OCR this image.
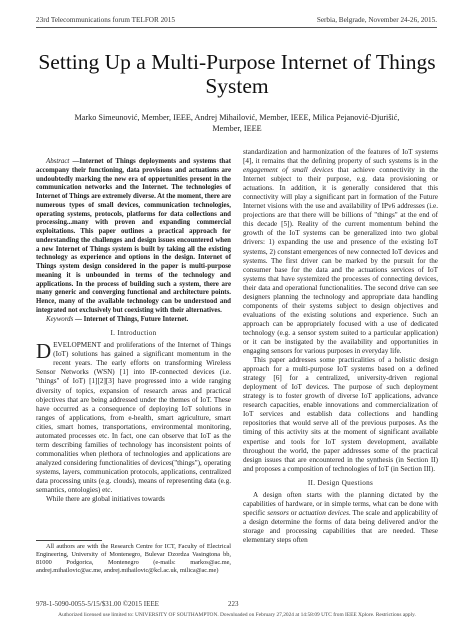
23rd Telecommunications forum TELFOR 2015	Serbia, Belgrade, November 24-26, 2015.
Setting Up a Multi-Purpose Internet of Things
System
Marko Simeunović, Member, IEEE, Andrej Mihailović, Member, IEEE, Milica Pejanović-Djurišić,
Member, IEEE

Abstract —Internet of Things deployments and systems that accompany their functioning, data provisions and actuations are undoubtedly marking the new era of opportunities present in the communication networks and the Internet. The technologies of Internet of Things are extremely diverse. At the moment, there are numerous types of small devices, communication technologies, operating systems, protocols, platforms for data collections and processing...many with proven and expanding commercial exploitations. This paper outlines a practical approach for understanding the challenges and design issues encountered when a new Internet of Things system is built by taking all the existing technology as experience and options in the design. Internet of Things system design considered in the paper is multi-purpose meaning it is unbounded in terms of the technology and applications. In the process of building such a system, there are many generic and converging functional and architecture points. Hence, many of the available technology can be understood and integrated not exclusively but coexisting with their alternatives.

Keywords — Internet of Things, Future Internet.

I. Introduction

DEVELOPMENT and proliferations of the Internet of Things (IoT) solutions has gained a significant momentum in the recent years. The early efforts on transforming Wireless Sensor Networks (WSN) [1] into IP-connected devices (i.e. "things" of IoT) [1][2][3] have progressed into a wide ranging diversity of topics, expansion of research areas and practical objectives that are being addressed under the themes of IoT. These have occurred as a consequence of deploying IoT solutions in ranges of applications, from e-health, smart agriculture, smart cities, smart homes, transportations, environmental monitoring, automated processes etc. In fact, one can observe that IoT as the term describing families of technology has inconsistent points of commonalities when plethora of technologies and applications are analyzed considering functionalities of devices("things"), operating systems, layers, communication protocols, applications, centralized data processing units (e.g. clouds), means of representing data (e.g. semantics, ontologies) etc.

While there are global initiatives towards

All authors are with the Research Centre for ICT, Faculty of Electrical Engineering, University of Montenegro, Bulevar Dzordza Vasingtona bb, 81000 Podgorica, Montenegro (e-mails: markos@ac.me, andrej.mihailovic@ac.me, andrej.mihailovic@kcl.ac.uk, milica@ac.me)

standardization and harmonization of the features of IoT systems [4], it remains that the defining property of such systems is in the engagement of small devices that achieve connectivity in the Internet subject to their purpose, e.g. data provisioning or actuations. In addition, it is generally considered that this connectivity will play a significant part in formation of the Future Internet visions with the use and availability of IPv6 addresses (i.e. projections are that there will be billions of "things" at the end of this decade [5]). Reality of the current momentum behind the growth of the IoT systems can be generalized into two global drivers: 1) expanding the use and presence of the existing IoT systems, 2) constant emergences of new connected IoT devices and systems. The first driver can be marked by the pursuit for the consumer base for the data and the actuations services of IoT systems that have systemized the processes of connecting devices, their data and operational functionalities. The second drive can see designers planning the technology and appropriate data handling components of their systems subject to design objectives and evaluations of the existing solutions and experience. Such an approach can be appropriately focused with a use of dedicated technology (e.g. a sensor system suited to a particular application) or it can be instigated by the availability and opportunities in engaging sensors for various purposes in everyday life.

This paper addresses some practicalities of a holistic design approach for a multi-purpose IoT systems based on a defined strategy [6] for a centralized, university-driven regional deployment of IoT devices. The purpose of such deployment strategy is to foster growth of diverse IoT applications, advance research capacities, enable innovations and commercialization of IoT services and establish data collections and handling repositories that would serve all of the previous purposes. As the timing of this activity sits at the moment of significant available expertise and tools for IoT system development, available throughout the world, the paper addresses some of the practical design issues that are encountered in the synthesis (in Section II) and proposes a composition of technologies of IoT (in Section III).

II. Design Questions

A design often starts with the planning dictated by the capabilities of hardware, or in simple terms, what can be done with specific sensors or actuation devices. The scale and applicability of a design determine the forms of data being delivered and/or the storage and processing capabilities that are needed. These elementary steps often

978-1-5090-0055-5/15/$31.00 ©2015 IEEE	223
Authorized licensed use limited to: UNIVERSITY OF SOUTHAMPTON. Downloaded on February 27,2024 at 14:58:09 UTC from IEEE Xplore. Restrictions apply.
